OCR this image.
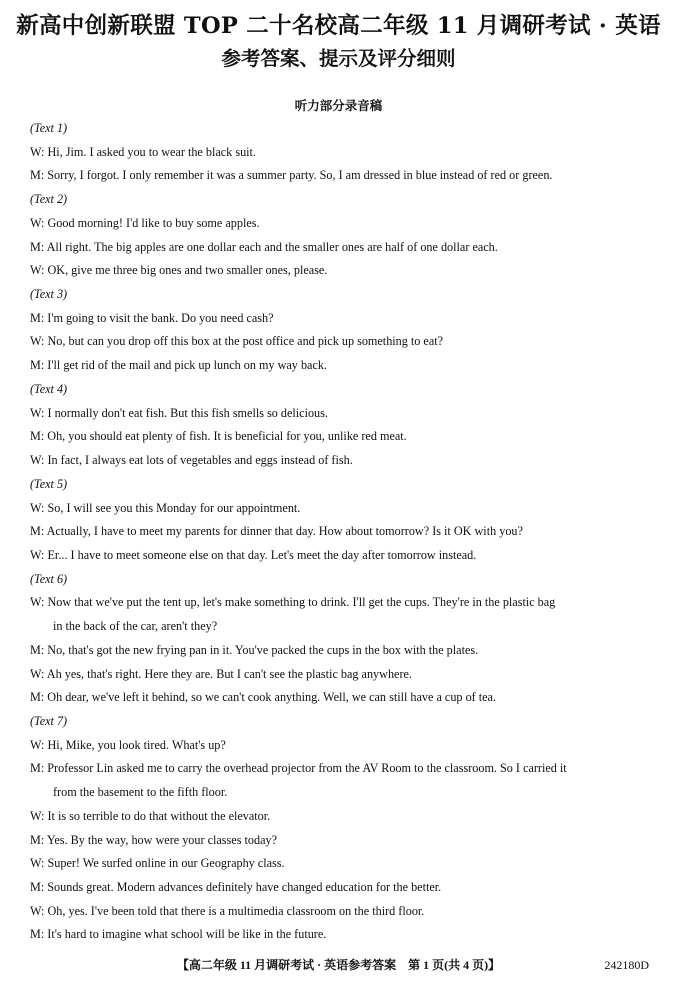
新高中创新联盟 TOP 二十名校高二年级 11 月调研考试 · 英语
参考答案、提示及评分细则
听力部分录音稿
(Text 1)
W: Hi, Jim. I asked you to wear the black suit.
M: Sorry, I forgot. I only remember it was a summer party. So, I am dressed in blue instead of red or green.
(Text 2)
W: Good morning! I'd like to buy some apples.
M: All right. The big apples are one dollar each and the smaller ones are half of one dollar each.
W: OK, give me three big ones and two smaller ones, please.
(Text 3)
M: I'm going to visit the bank. Do you need cash?
W: No, but can you drop off this box at the post office and pick up something to eat?
M: I'll get rid of the mail and pick up lunch on my way back.
(Text 4)
W: I normally don't eat fish. But this fish smells so delicious.
M: Oh, you should eat plenty of fish. It is beneficial for you, unlike red meat.
W: In fact, I always eat lots of vegetables and eggs instead of fish.
(Text 5)
W: So, I will see you this Monday for our appointment.
M: Actually, I have to meet my parents for dinner that day. How about tomorrow? Is it OK with you?
W: Er... I have to meet someone else on that day. Let's meet the day after tomorrow instead.
(Text 6)
W: Now that we've put the tent up, let's make something to drink. I'll get the cups. They're in the plastic bag
in the back of the car, aren't they?
M: No, that's got the new frying pan in it. You've packed the cups in the box with the plates.
W: Ah yes, that's right. Here they are. But I can't see the plastic bag anywhere.
M: Oh dear, we've left it behind, so we can't cook anything. Well, we can still have a cup of tea.
(Text 7)
W: Hi, Mike, you look tired. What's up?
M: Professor Lin asked me to carry the overhead projector from the AV Room to the classroom. So I carried it
from the basement to the fifth floor.
W: It is so terrible to do that without the elevator.
M: Yes. By the way, how were your classes today?
W: Super! We surfed online in our Geography class.
M: Sounds great. Modern advances definitely have changed education for the better.
W: Oh, yes. I've been told that there is a multimedia classroom on the third floor.
M: It's hard to imagine what school will be like in the future.
【高二年级 11 月调研考试 · 英语参考答案　第 1 页(共 4 页)】	242180D
